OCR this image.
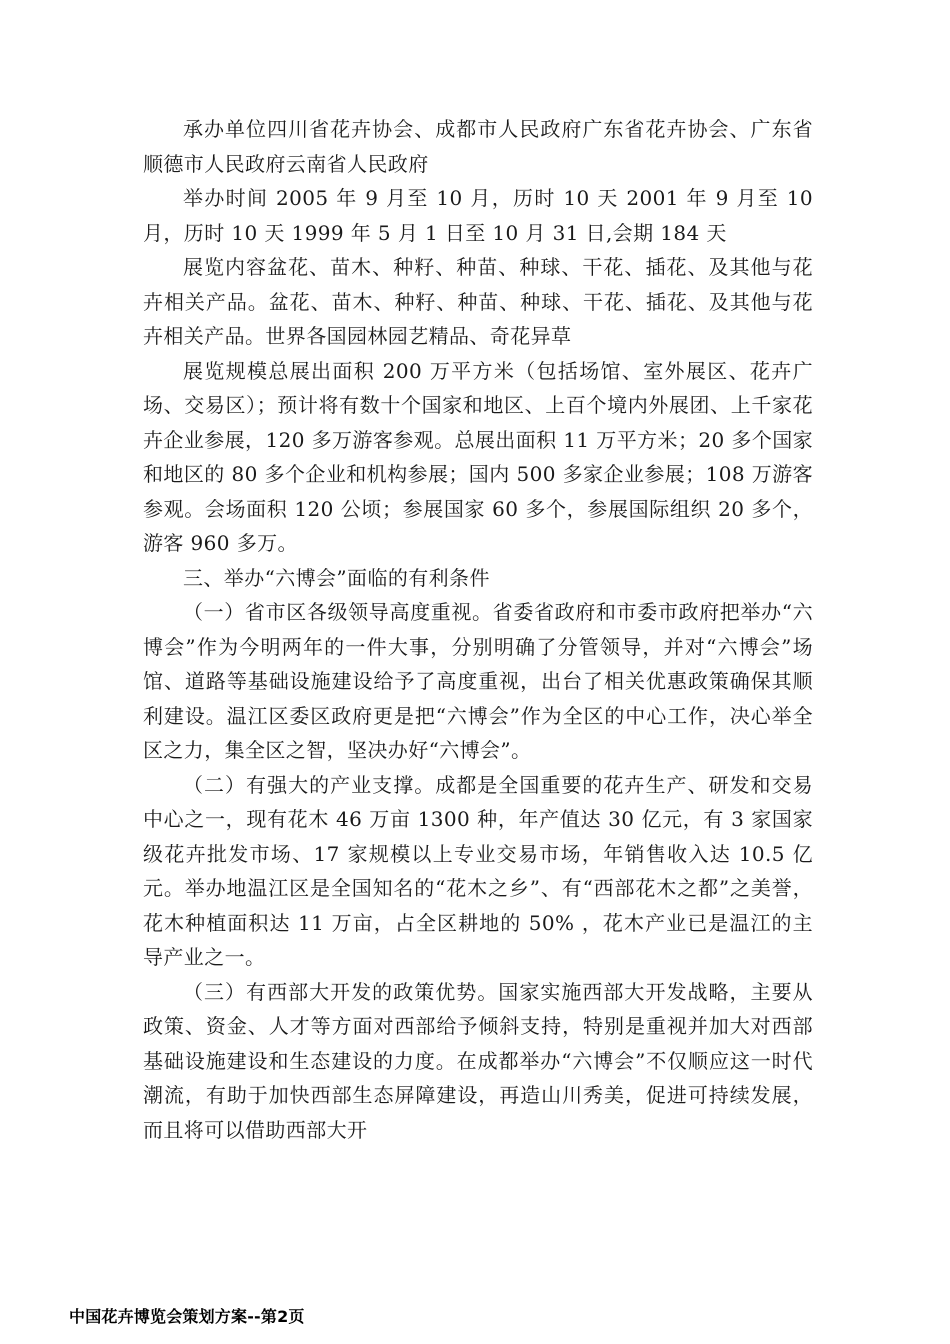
承办单位四川省花卉协会、成都市人民政府广东省花卉协会、广东省顺德市人民政府云南省人民政府

举办时间 2005 年 9 月至 10 月，历时 10 天 2001 年 9 月至 10 月，历时 10 天 1999 年 5 月 1 日至 10 月 31 日,会期 184 天

展览内容盆花、苗木、种籽、种苗、种球、干花、插花、及其他与花卉相关产品。盆花、苗木、种籽、种苗、种球、干花、插花、及其他与花卉相关产品。世界各国园林园艺精品、奇花异草

展览规模总展出面积 200 万平方米（包括场馆、室外展区、花卉广场、交易区）；预计将有数十个国家和地区、上百个境内外展团、上千家花卉企业参展，120 多万游客参观。总展出面积 11 万平方米；20 多个国家和地区的 80 多个企业和机构参展；国内 500 多家企业参展；108 万游客参观。会场面积 120 公顷；参展国家 60 多个，参展国际组织 20 多个，游客 960 多万。

三、举办“六博会”面临的有利条件

（一）省市区各级领导高度重视。省委省政府和市委市政府把举办“六博会”作为今明两年的一件大事，分别明确了分管领导，并对“六博会”场馆、道路等基础设施建设给予了高度重视，出台了相关优惠政策确保其顺利建设。温江区委区政府更是把“六博会”作为全区的中心工作，决心举全区之力，集全区之智，坚决办好“六博会”。

（二）有强大的产业支撑。成都是全国重要的花卉生产、研发和交易中心之一，现有花木 46 万亩 1300 种，年产值达 30 亿元，有 3 家国家级花卉批发市场、17 家规模以上专业交易市场，年销售收入达 10.5 亿元。举办地温江区是全国知名的“花木之乡”、有“西部花木之都”之美誉，花木种植面积达 11 万亩，占全区耕地的 50% ，花木产业已是温江的主导产业之一。

（三）有西部大开发的政策优势。国家实施西部大开发战略，主要从政策、资金、人才等方面对西部给予倾斜支持，特别是重视并加大对西部基础设施建设和生态建设的力度。在成都举办“六博会”不仅顺应这一时代潮流，有助于加快西部生态屏障建设，再造山川秀美，促进可持续发展，而且将可以借助西部大开

中国花卉博览会策划方案--第2页
